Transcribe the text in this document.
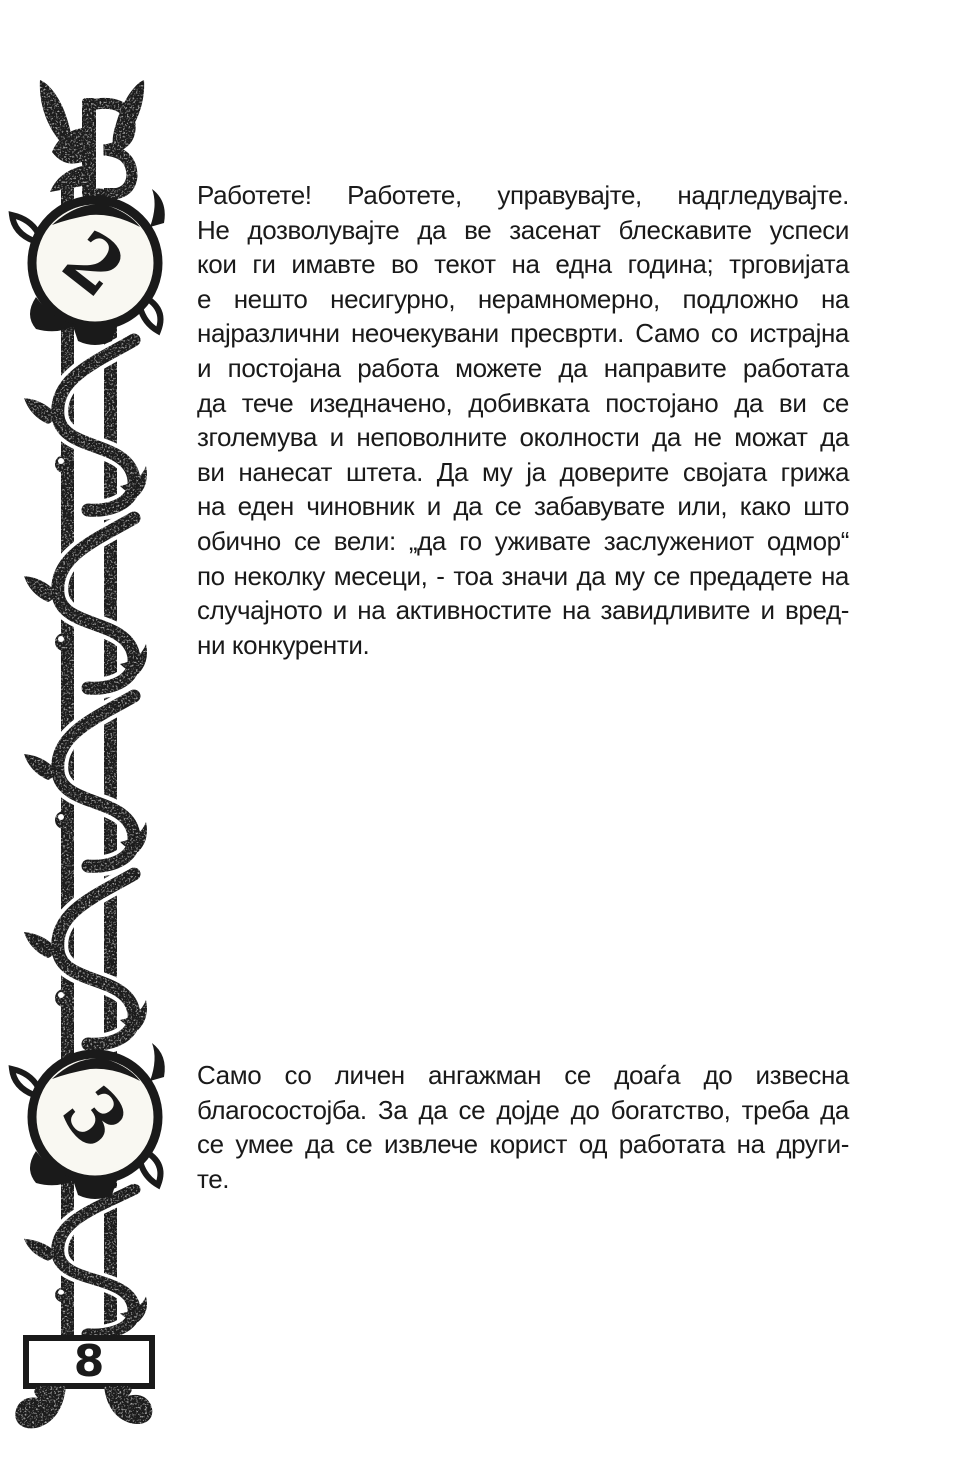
2
3
8
Работете! Работете, управувајте, надгледувајте.
Не дозволувајте да ве засенат блескавите успеси
кои ги имавте во текот на една година; трговијата
е нешто несигурно, нерамномерно, подложно на
најразлични неочекувани пресврти. Само со истрајна
и постојана работа можете да направите работата
да тече изедначено, добивката постојано да ви се
зголемува и неповолните околности да не можат да
ви нанесат штета. Да му ја доверите својата грижа
на еден чиновник и да се забавувате или, како што
обично се вели: „да го уживате заслужениот одмор“
по неколку месеци, - тоа значи да му се предадете на
случајното и на активностите на завидливите и вред-
ни конкуренти.
Само со личен ангажман се доаѓа до извесна
благосостојба. За да се дојде до богатство, треба да
се умее да се извлече корист од работата на други-
те.
